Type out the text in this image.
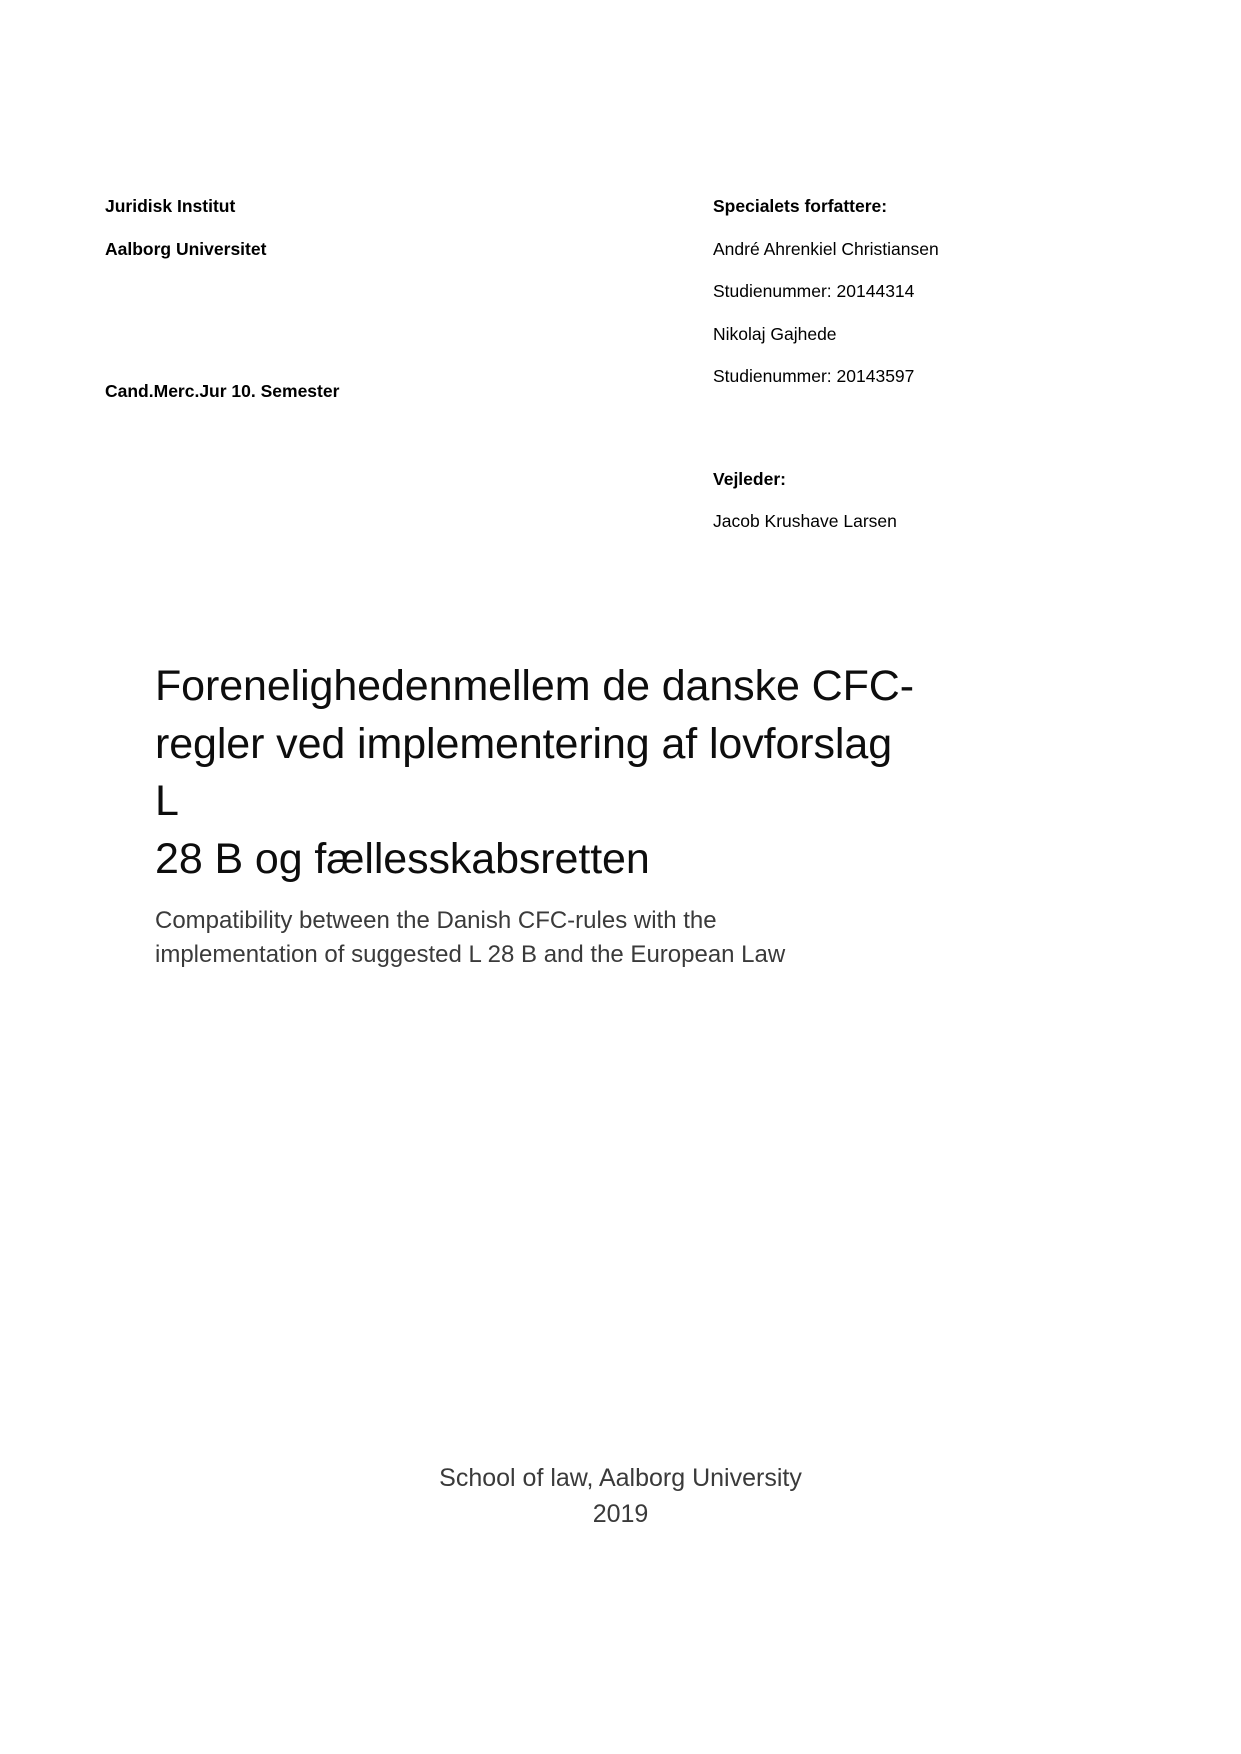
Juridisk Institut

Aalborg Universitet

Cand.Merc.Jur 10. Semester

Specialets forfattere:

André Ahrenkiel Christiansen

Studienummer: 20144314

Nikolaj Gajhede

Studienummer: 20143597

Vejleder:

Jacob Krushave Larsen

Forenelighedenmellem de danske CFC-
regler ved implementering af lovforslag L
28 B og fællesskabsretten

Compatibility between the Danish CFC-rules with the
implementation of suggested L 28 B and the European Law

School of law, Aalborg University

2019
